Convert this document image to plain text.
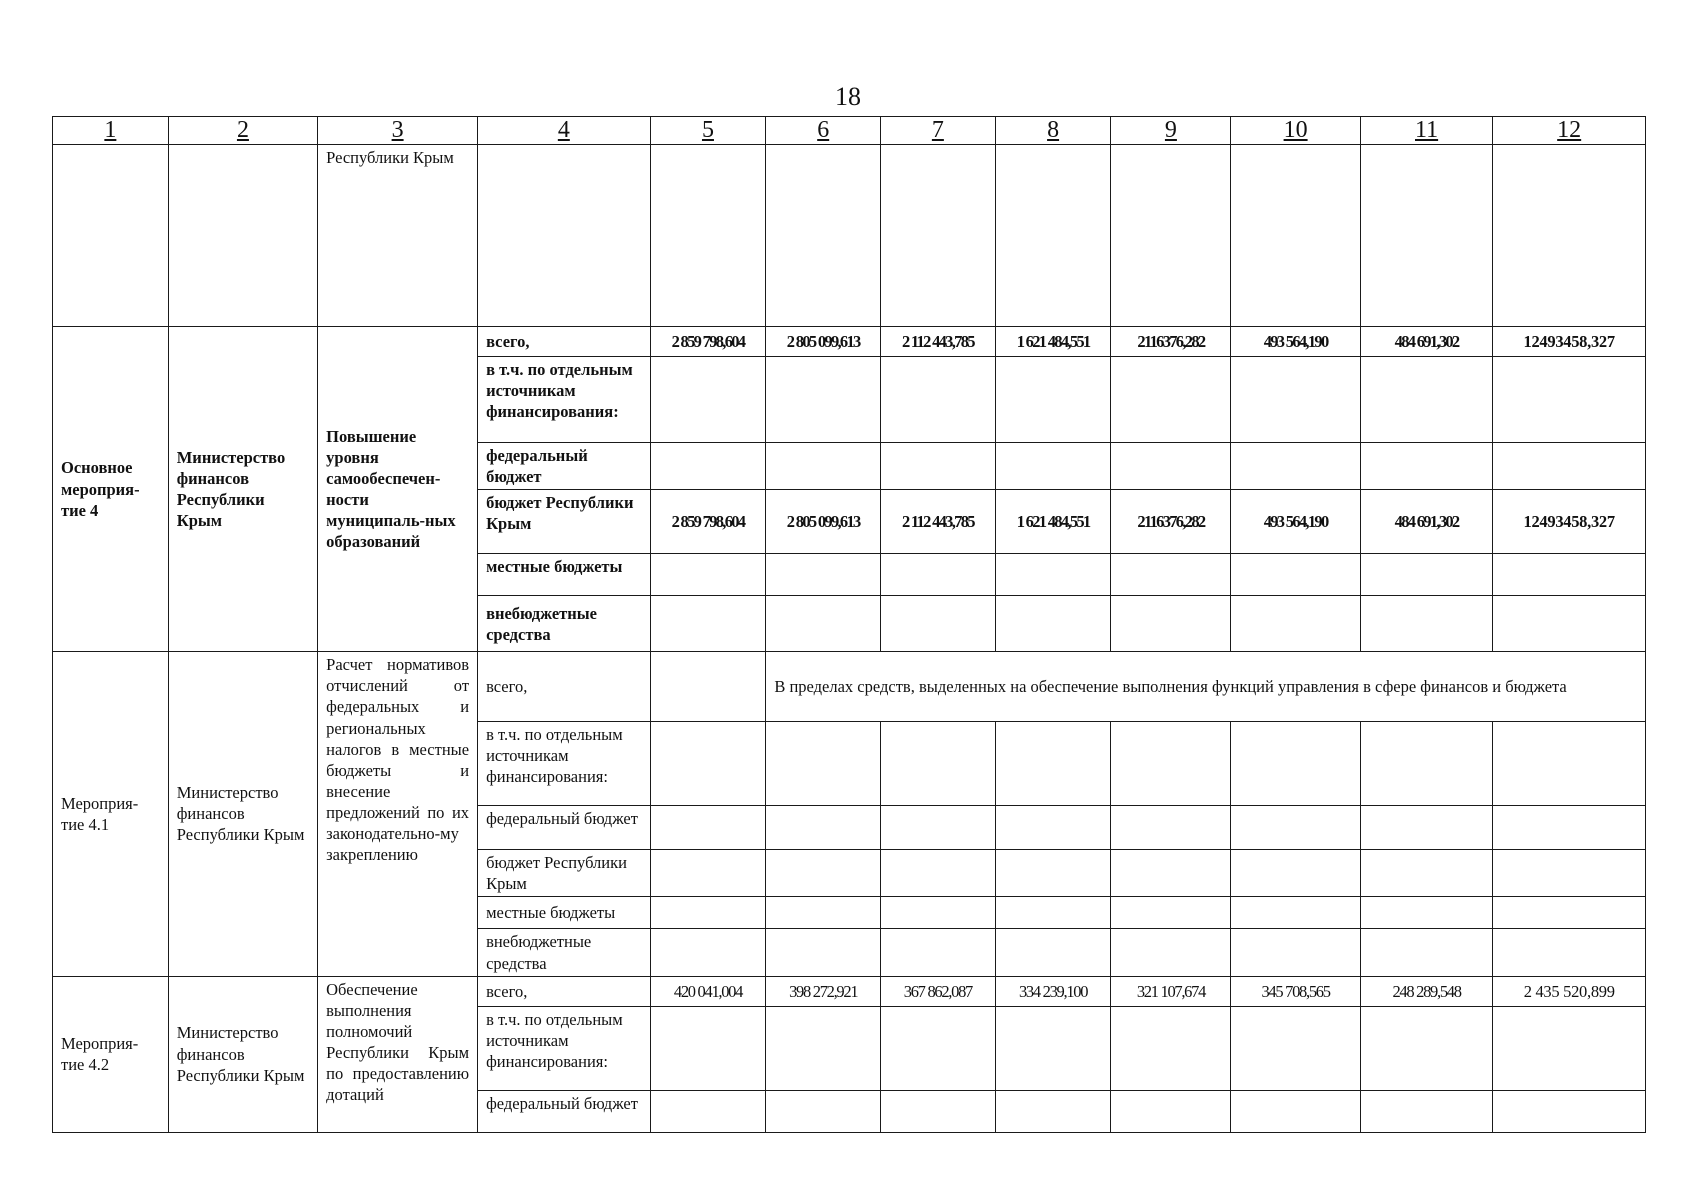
18
1	2	3	4	5	6	7	8	9	10	11	12
		Республики Крым									
Основное мероприя-тие 4	Министерство финансов Республики Крым	Повышение уровня самообеспечен-ности муниципаль-ных образований	всего,	2 859 798,604	2 805 099,613	2 112 443,785	1 621 484,551	2116376,282	493 564,190	484 691,302	12493458,327
			в т.ч. по отдельным источникам финансирования:								
			федеральный бюджет								
			бюджет Республики Крым	2 859 798,604	2 805 099,613	2 112 443,785	1 621 484,551	2116376,282	493 564,190	484 691,302	12493458,327
			местные бюджеты								
			внебюджетные средства								
Мероприя-тие 4.1	Министерство финансов Республики Крым	Расчет нормативов отчислений от федеральных и региональных налогов в местные бюджеты и внесение предложений по их законодательно-му закреплению	всего,		В пределах средств, выделенных на обеспечение выполнения функций управления в сфере финансов и бюджета						
			в т.ч. по отдельным источникам финансирования:								
			федеральный бюджет								
			бюджет Республики Крым								
			местные бюджеты								
			внебюджетные средства								
Мероприя-тие 4.2	Министерство финансов Республики Крым	Обеспечение выполнения полномочий Республики Крым по предоставлению дотаций	всего,	420 041,004	398 272,921	367 862,087	334 239,100	321 107,674	345 708,565	248 289,548	2 435 520,899
			в т.ч. по отдельным источникам финансирования:								
			федеральный бюджет								
